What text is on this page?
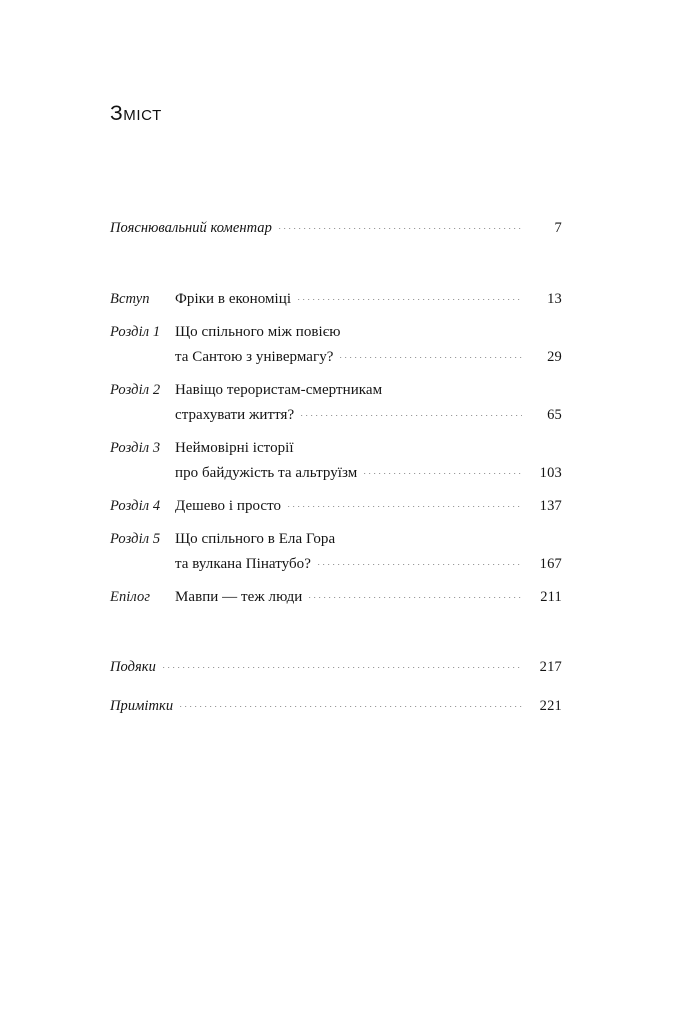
Зміст
Пояснювальний коментар	7
Вступ	Фріки в економіці	13
Розділ 1 Що спільного між повією
та Сантою з універмагу?	29
Розділ 2 Навіщо терористам-смертникам
страхувати життя?	65
Розділ 3 Неймовірні історії
про байдужість та альтруїзм	103
Розділ 4 Дешево і просто	137
Розділ 5 Що спільного в Ела Гора
та вулкана Пінатубо?	167
Епілог	Мавпи — теж люди	211
Подяки	217
Примітки	221
